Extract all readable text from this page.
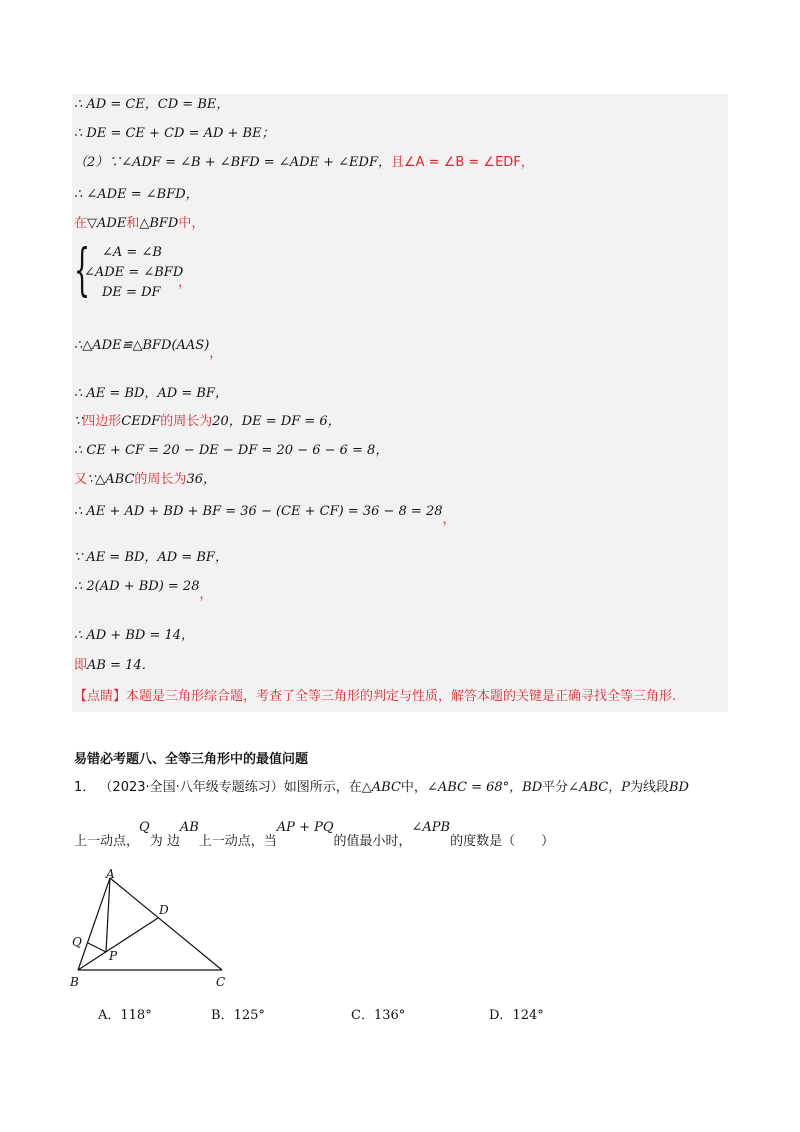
∴ AD = CE，CD = BE，
∴ DE = CE + CD = AD + BE；
（2）∵∠ADF = ∠B + ∠BFD = ∠ADE + ∠EDF，且∠A = ∠B = ∠EDF，
∴ ∠ADE = ∠BFD，
在▽ADE和△BFD中，
{ ∠A = ∠B
∠ADE = ∠BFD
DE = DF
，
∴△ADE≌△BFD(AAS)，
∴ AE = BD，AD = BF，
∵四边形CEDF的周长为20，DE = DF = 6，
∴ CE + CF = 20 − DE − DF = 20 − 6 − 6 = 8，
又∵△ABC的周长为36，
∴ AE + AD + BD + BF = 36 − (CE + CF) = 36 − 8 = 28，
∵ AE = BD，AD = BF，
∴ 2(AD + BD) = 28，
∴ AD + BD = 14，
即AB = 14．
【点睛】本题是三角形综合题，考查了全等三角形的判定与性质，解答本题的关键是正确寻找全等三角形.
易错必考题八、全等三角形中的最值问题
1． （2023·全国·八年级专题练习）如图所示，在△ABC中，∠ABC = 68°，BD平分∠ABC，P为线段BD
上一动点，Q为 边AB上一动点，当AP + PQ的值最小时，∠APB的度数是（　　）
A
B	C
D
P
Q
A．118°	B．125°	C．136°	D．124°
